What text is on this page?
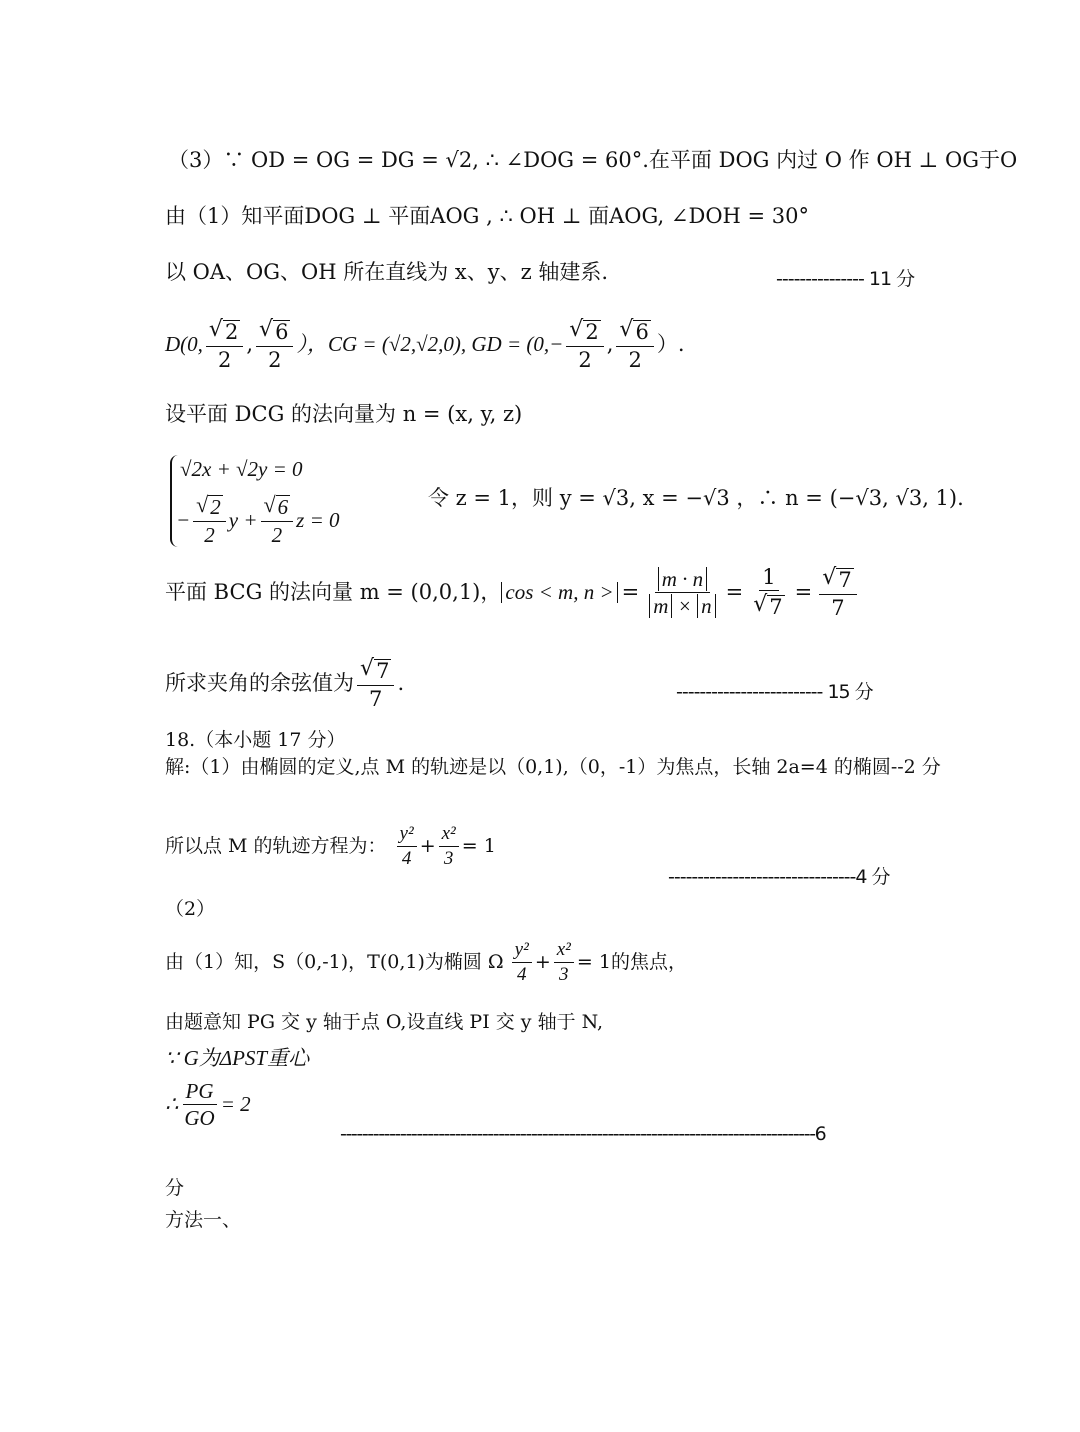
（3）∵ OD = OG = DG = √2, ∴ ∠DOG = 60°.在平面 DOG 内过 O 作 OH ⊥ OG于O
由（1）知平面DOG ⊥ 平面AOG , ∴ OH ⊥ 面AOG, ∠DOH = 30°
以 OA、OG、OH 所在直线为 x、y、z 轴建系.	--------------- 11 分
D(0, $\frac{√ 2}{2}$ , $\frac{√ 6}{2}$ ），CG = (√2,√2,0), GD = ($0,- \frac{√ 2}{2}$ , $\frac{√ 6}{2}$ ）.
设平面 DCG 的法向量为 n = (x, y, z)
√2x + √2y = 0
− $\frac{√ 2}{2}$ $y + \frac{√ 6}{2}$ z = 0
令 z = 1，则 y = √3, x = −√3 ，∴ n = (−√3, √3, 1).
平面 BCG 的法向量 m = (0,0,1)， cos < m, n > = $\frac{m \cdot n}{m \times n} = \frac{1}{√ 7} = \frac{√ 7}{7}$
所求夹角的余弦值为 $\frac{√ 7}{7}$ .	------------------------- 15 分
18.（本小题 17 分）
解:（1）由椭圆的定义,点 M 的轨迹是以（0,1),（0，-1）为焦点，长轴 2a=4 的椭圆--2 分
所以点 M 的轨迹方程为： $\frac{\text{y²}}{4} + \frac{\text{x²}}{3} = 1$
--------------------------------4 分
（2）
由（1）知，S（0,-1)，T(0,1)为椭圆 Ω $\frac{\text{y²}}{4} + \frac{\text{x²}}{3} = 1$ 的焦点，
由题意知 PG 交 y 轴于点 O,设直线 PI 交 y 轴于 N,
∵ G为ΔPST重心
∴ $\frac{PG}{GO} = 2$
---------------------------------------------------------------------------------------6
分
方法一、
